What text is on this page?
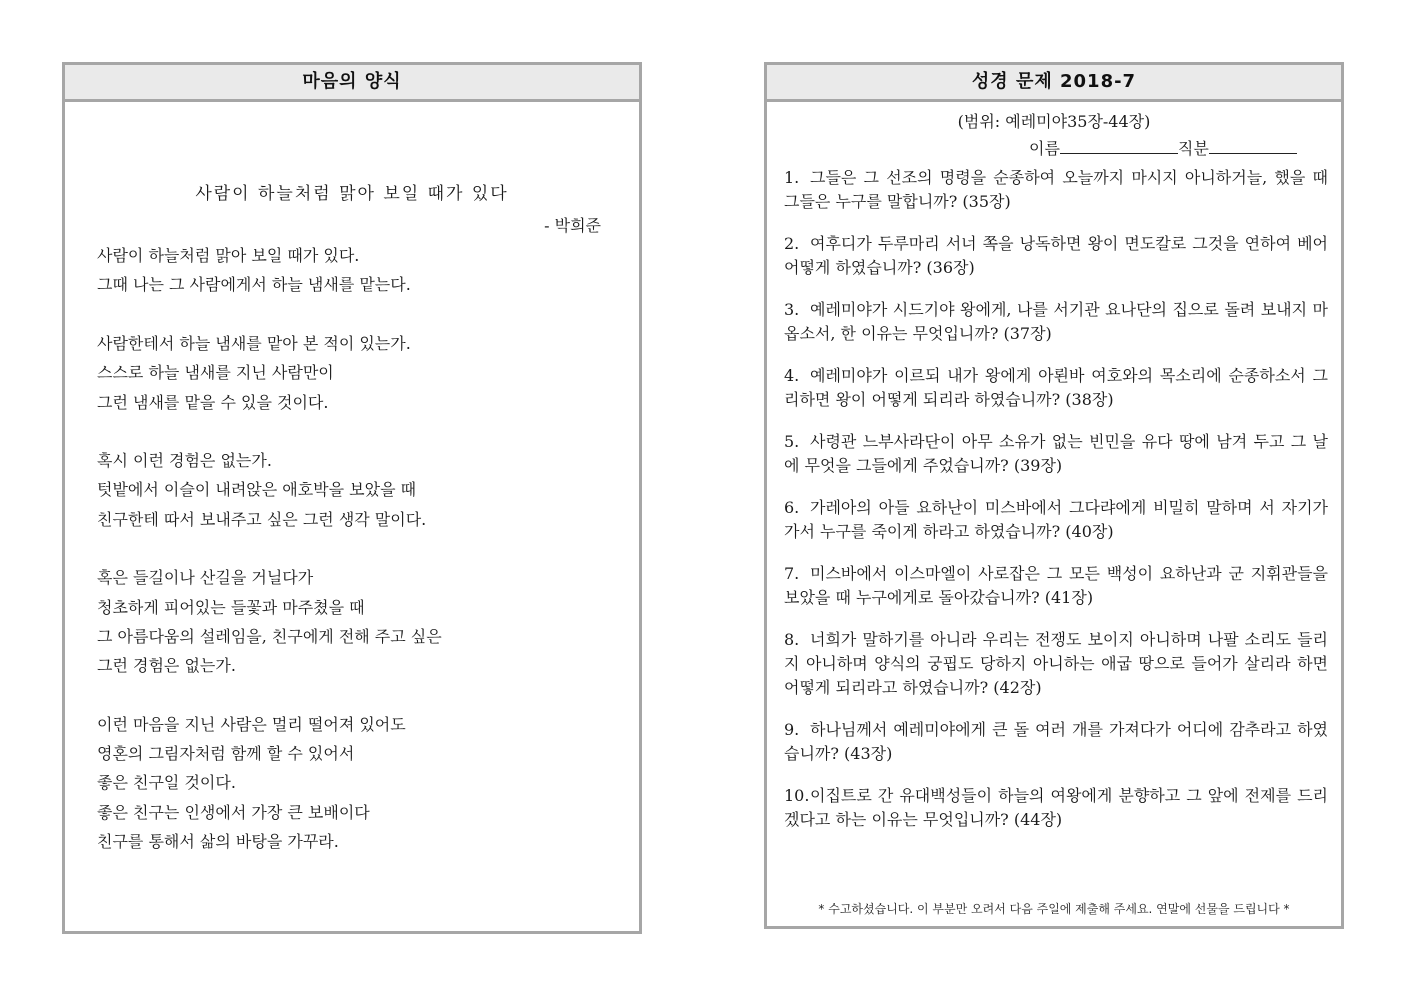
마음의 양식
사람이 하늘처럼 맑아 보일 때가 있다
- 박희준
사람이 하늘처럼 맑아 보일 때가 있다.
그때 나는 그 사람에게서 하늘 냄새를 맡는다.
사람한테서 하늘 냄새를 맡아 본 적이 있는가.
스스로 하늘 냄새를 지닌 사람만이
그런 냄새를 맡을 수 있을 것이다.
혹시 이런 경험은 없는가.
텃밭에서 이슬이 내려앉은 애호박을 보았을 때
친구한테 따서 보내주고 싶은 그런 생각 말이다.
혹은 들길이나 산길을 거닐다가
청초하게 피어있는 들꽃과 마주쳤을 때
그 아름다움의 설레임을, 친구에게 전해 주고 싶은
그런 경험은 없는가.
이런 마음을 지닌 사람은 멀리 떨어져 있어도
영혼의 그림자처럼 함께 할 수 있어서
좋은 친구일 것이다.
좋은 친구는 인생에서 가장 큰 보배이다
친구를 통해서 삶의 바탕을 가꾸라.
성경 문제 2018-7
(범위: 예레미야35장-44장)
이름	직분
1. 그들은 그 선조의 명령을 순종하여 오늘까지 마시지 아니하거늘, 했을 때 그들은 누구를 말합니까? (35장)
2. 여후디가 두루마리 서너 쪽을 낭독하면 왕이 면도칼로 그것을 연하여 베어 어떻게 하였습니까? (36장)
3. 예레미야가 시드기야 왕에게, 나를 서기관 요나단의 집으로 돌려 보내지 마옵소서, 한 이유는 무엇입니까? (37장)
4. 예레미야가 이르되 내가 왕에게 아뢴바 여호와의 목소리에 순종하소서 그리하면 왕이 어떻게 되리라 하였습니까? (38장)
5. 사령관 느부사라단이 아무 소유가 없는 빈민을 유다 땅에 남겨 두고 그 날에 무엇을 그들에게 주었습니까? (39장)
6. 가레아의 아들 요하난이 미스바에서 그다랴에게 비밀히 말하며 서 자기가 가서 누구를 죽이게 하라고 하였습니까? (40장)
7. 미스바에서 이스마엘이 사로잡은 그 모든 백성이 요하난과 군 지휘관들을 보았을 때 누구에게로 돌아갔습니까? (41장)
8. 너희가 말하기를 아니라 우리는 전쟁도 보이지 아니하며 나팔 소리도 들리지 아니하며 양식의 궁핍도 당하지 아니하는 애굽 땅으로 들어가 살리라 하면 어떻게 되리라고 하였습니까? (42장)
9. 하나님께서 예레미야에게 큰 돌 여러 개를 가져다가 어디에 감추라고 하였습니까? (43장)
10.이집트로 간 유대백성들이 하늘의 여왕에게 분향하고 그 앞에 전제를 드리겠다고 하는 이유는 무엇입니까? (44장)
* 수고하셨습니다. 이 부분만 오려서 다음 주일에 제출해 주세요. 연말에 선물을 드립니다 *
